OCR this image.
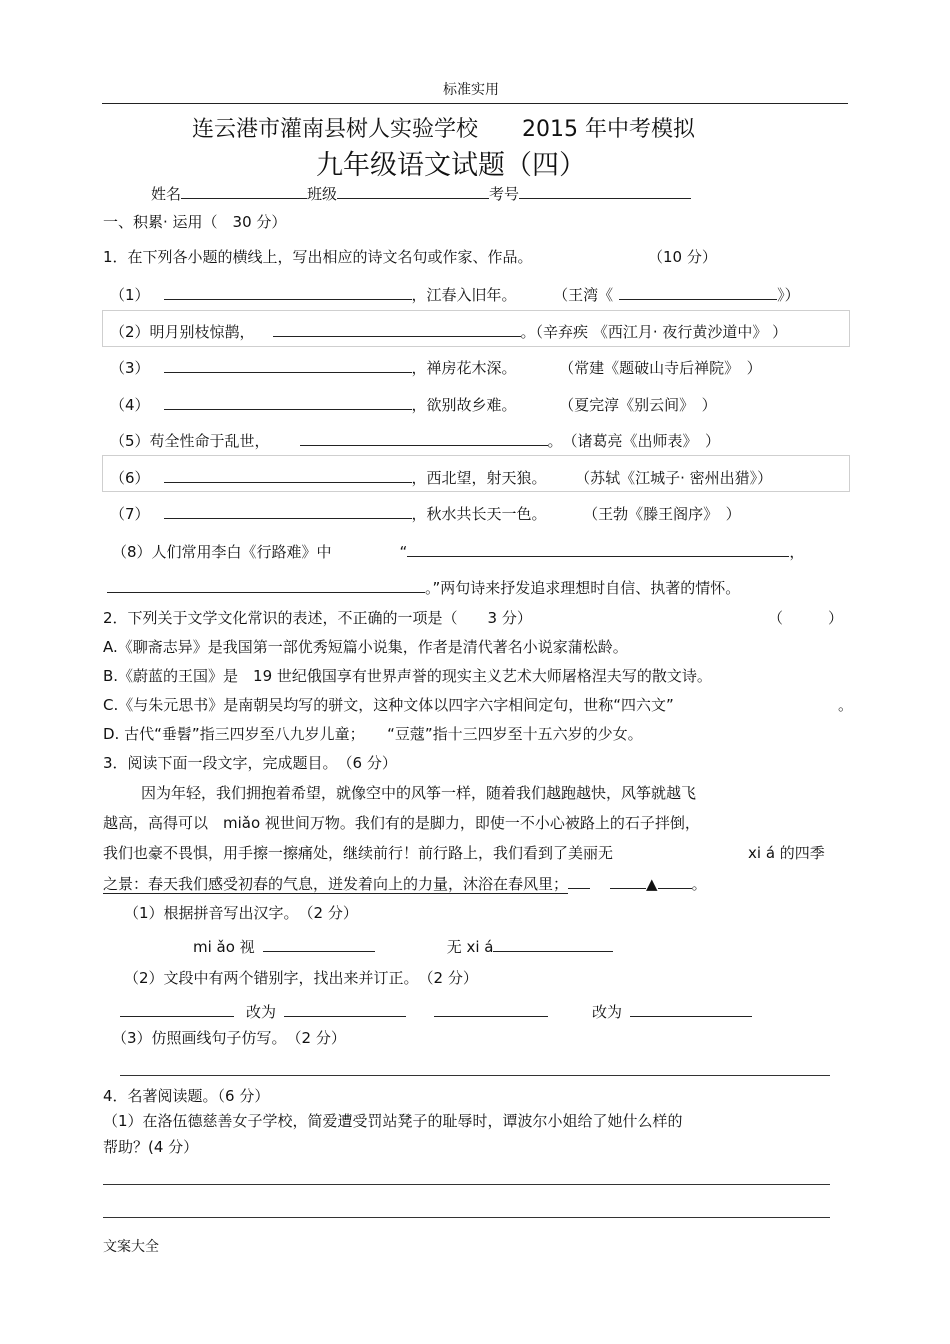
标准实用
连云港市灌南县树人实验学校　　2015 年中考模拟
九年级语文试题（四）
姓名	班级	考号
一、积累· 运用（　30 分）
1．在下列各小题的横线上，写出相应的诗文名句或作家、作品。	（10 分）
（1）	，江春入旧年。	（王湾《	》）
（2）明月别枝惊鹊，	。（辛弃疾 《西江月· 夜行黄沙道中》 ）
（3）	，禅房花木深。	（常建《题破山寺后禅院》　）
（4）	，欲别故乡难。	（夏完淳《别云间》　）
（5）苟全性命于乱世，	。　（诸葛亮《出师表》　）
（6）	，西北望，射天狼。 （苏轼《江城子· 密州出猎》）
（7）	，秋水共长天一色。	（王勃《滕王阁序》　）
（8）人们常用李白《行路难》中	“	，
。”两句诗来抒发追求理想时自信、执著的情怀。
2．下列关于文学文化常识的表述，不正确的一项是（　　3 分）	（　　　）
A.《聊斋志异》是我国第一部优秀短篇小说集，作者是清代著名小说家蒲松龄。
B.《蔚蓝的王国》是　19 世纪俄国享有世界声誉的现实主义艺术大师屠格涅夫写的散文诗。
C.《与朱元思书》是南朝吴均写的骈文，这种文体以四字六字相间定句，世称“四六文”	。
D. 古代“垂髫”指三四岁至八九岁儿童；　　“豆蔻”指十三四岁至十五六岁的少女。
3．阅读下面一段文字，完成题目。　（6 分）
因为年轻，我们拥抱着希望，就像空中的风筝一样，随着我们越跑越快，风筝就越飞
越高，高得可以　miǎo 视世间万物。我们有的是脚力，即使一不小心被路上的石子拌倒，
我们也豪不畏惧，用手擦一擦痛处，继续前行！前行路上，我们看到了美丽无	xi á 的四季
之景：春天我们感受初春的气息，迸发着向上的力量，沐浴在春风里；	▲ 。
（1）根据拼音写出汉字。　（2 分）
mi ǎo 视	无 xi á
（2）文段中有两个错别字，找出来并订正。　（2 分）
改为	改为
（3）仿照画线句子仿写。　（2 分）
4．名著阅读题。（6 分）
（1）在洛伍德慈善女子学校，简爱遭受罚站凳子的耻辱时，谭波尔小姐给了她什么样的
帮助？(4 分）
文案大全
